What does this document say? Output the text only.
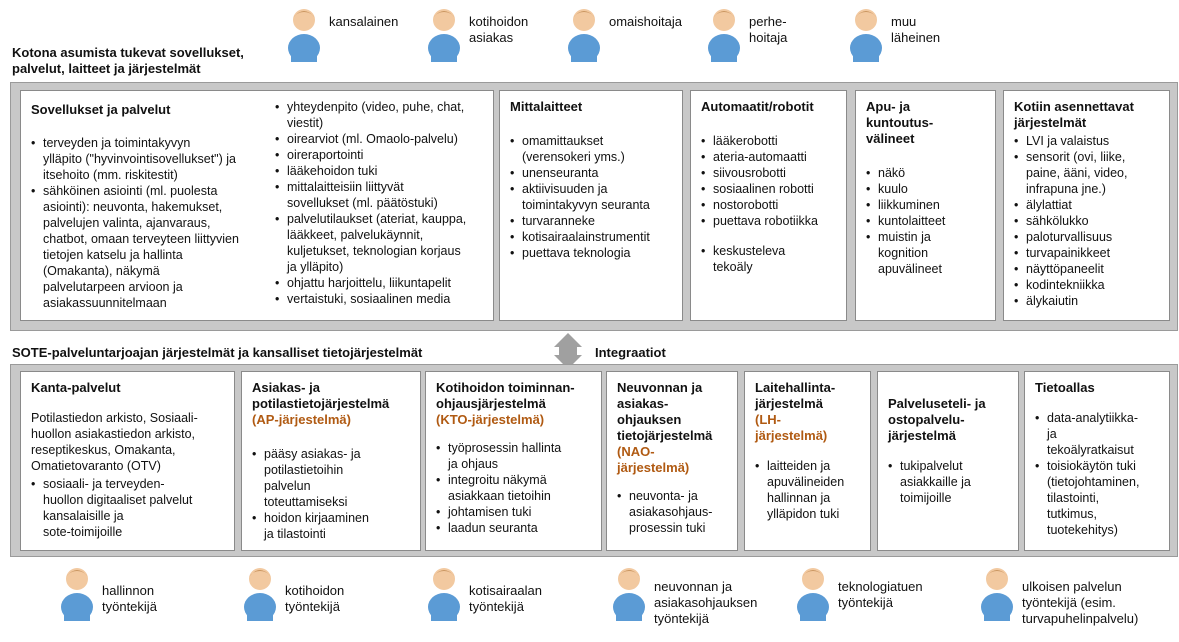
kansalainen	kotihoidon
asiakas
omaishoitaja	perhe-
hoitaja
muu
läheinen
Kotona asumista tukevat sovellukset,
palvelut, laitteet ja järjestelmät
Sovellukset ja palvelut
• terveyden ja toimintakyvyn
ylläpito ("hyvinvointisovellukset") ja
itsehoito (mm. riskitestit)
• sähköinen asiointi (ml. puolesta
asiointi): neuvonta, hakemukset,
palvelujen valinta, ajanvaraus,
chatbot, omaan terveyteen liittyvien
tietojen katselu ja hallinta
(Omakanta), näkymä
palvelutarpeen arvioon ja
asiakassuunnitelmaan
• yhteydenpito (video, puhe, chat,
viestit)
• oirearviot (ml. Omaolo-palvelu)
• oireraportointi
• lääkehoidon tuki
• mittalaitteisiin liittyvät
sovellukset (ml. päätöstuki)
• palvelutilaukset (ateriat, kauppa,
lääkkeet, palvelukäynnit,
kuljetukset, teknologian korjaus
ja ylläpito)
• ohjattu harjoittelu, liikuntapelit
• vertaistuki, sosiaalinen media
Mittalaitteet
• omamittaukset
(verensokeri yms.)
• unenseuranta
• aktiivisuuden ja
toimintakyvyn seuranta
• turvaranneke
• kotisairaalainstrumentit
• puettava teknologia
Automaatit/robotit
• lääkerobotti
• ateria-automaatti
• siivousrobotti
• sosiaalinen robotti
• nostorobotti
• puettava robotiikka
• keskusteleva
tekoäly
Apu- ja
kuntoutus-
välineet
• näkö
• kuulo
• liikkuminen
• kuntolaitteet
• muistin ja
kognition
apuvälineet
Kotiin asennettavat
järjestelmät
• LVI ja valaistus
• sensorit (ovi, liike,
paine, ääni, video,
infrapuna jne.)
• älylattiat
• sähkölukko
• paloturvallisuus
• turvapainikkeet
• näyttöpaneelit
• kodintekniikka
• älykaiutin
SOTE-palveluntarjoajan järjestelmät ja kansalliset tietojärjestelmät	Integraatiot
Kanta-palvelut

Potilastiedon arkisto, Sosiaali-
huollon asiakastiedon arkisto,
reseptikeskus, Omakanta,
Omatietovaranto (OTV)

• sosiaali- ja terveyden-
huollon digitaaliset palvelut
kansalaisille ja
sote-toimijoille
Asiakas- ja
potilastietojärjestelmä
(AP-järjestelmä)
• pääsy asiakas- ja
potilastietoihin
palvelun
toteuttamiseksi
• hoidon kirjaaminen
ja tilastointi
Kotihoidon toiminnan-
ohjausjärjestelmä
(KTO-järjestelmä)
• työprosessin hallinta
ja ohjaus
• integroitu näkymä
asiakkaan tietoihin
• johtamisen tuki
• laadun seuranta
Neuvonnan ja
asiakas-
ohjauksen
tietojärjestelmä
(NAO-
järjestelmä)
• neuvonta- ja
asiakasohjaus-
prosessin tuki
Laitehallinta-
järjestelmä
(LH-
järjestelmä)
• laitteiden ja
apuvälineiden
hallinnan ja
ylläpidon tuki
Palveluseteli- ja
ostopalvelu-
järjestelmä
• tukipalvelut
asiakkaille ja
toimijoille
Tietoallas
• data-analytiikka-
ja
tekoälyratkaisut
• toisiokäytön tuki
(tietojohtaminen,
tilastointi,
tutkimus,
tuotekehitys)
hallinnon
työntekijä
kotihoidon
työntekijä
kotisairaalan
työntekijä
neuvonnan ja
asiakasohjauksen
työntekijä
teknologiatuen
työntekijä
ulkoisen palvelun
työntekijä (esim.
turvapuhelinpalvelu)
